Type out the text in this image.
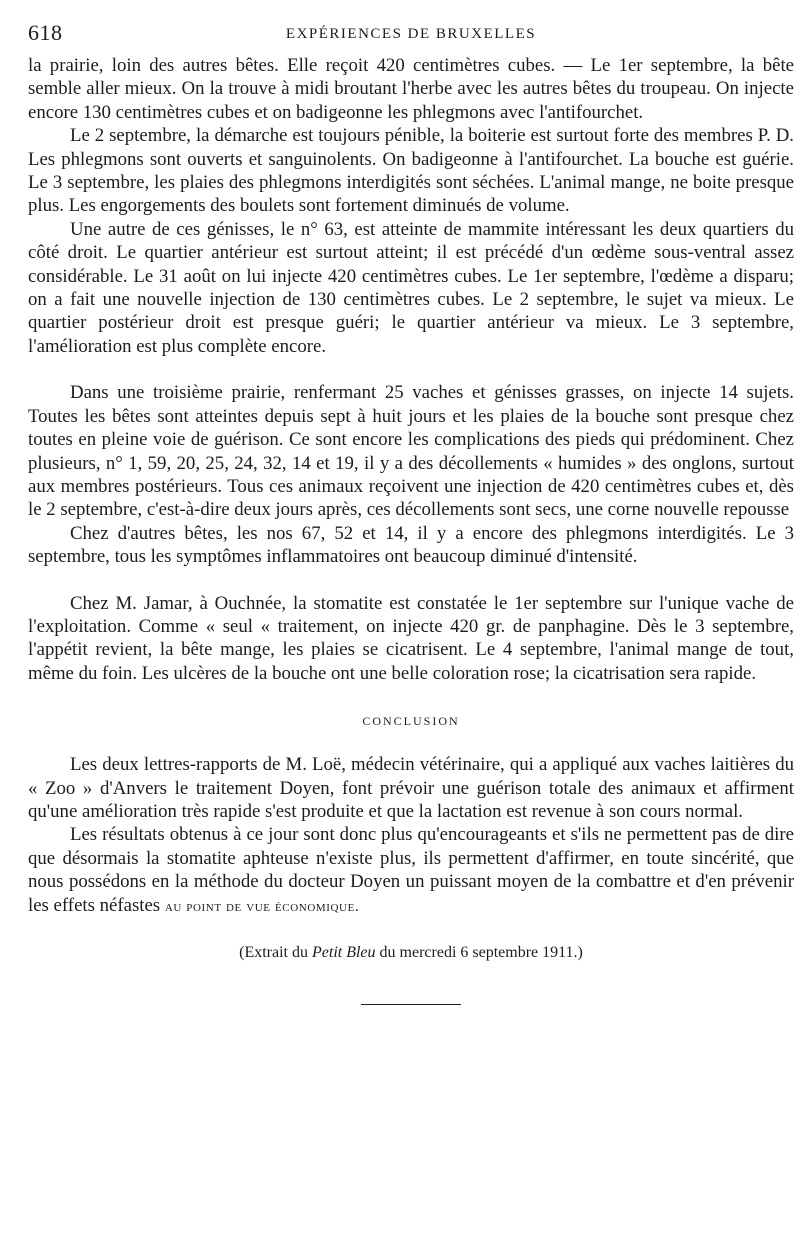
618	EXPÉRIENCES DE BRUXELLES

la prairie, loin des autres bêtes. Elle reçoit 420 centimètres cubes. — Le 1er septembre, la bête semble aller mieux. On la trouve à midi broutant l'herbe avec les autres bêtes du troupeau. On injecte encore 130 centimètres cubes et on badigeonne les phlegmons avec l'antifourchet.

Le 2 septembre, la démarche est toujours pénible, la boiterie est surtout forte des membres P. D. Les phlegmons sont ouverts et sanguinolents. On badigeonne à l'antifourchet. La bouche est guérie. Le 3 septembre, les plaies des phlegmons interdigités sont séchées. L'animal mange, ne boite presque plus. Les engorgements des boulets sont fortement diminués de volume.

Une autre de ces génisses, le n° 63, est atteinte de mammite intéressant les deux quartiers du côté droit. Le quartier antérieur est surtout atteint; il est précédé d'un œdème sous-ventral assez considérable. Le 31 août on lui injecte 420 centimètres cubes. Le 1er septembre, l'œdème a disparu; on a fait une nouvelle injection de 130 centimètres cubes. Le 2 septembre, le sujet va mieux. Le quartier postérieur droit est presque guéri; le quartier antérieur va mieux. Le 3 septembre, l'amélioration est plus complète encore.

Dans une troisième prairie, renfermant 25 vaches et génisses grasses, on injecte 14 sujets. Toutes les bêtes sont atteintes depuis sept à huit jours et les plaies de la bouche sont presque chez toutes en pleine voie de guérison. Ce sont encore les complications des pieds qui prédominent. Chez plusieurs, n° 1, 59, 20, 25, 24, 32, 14 et 19, il y a des décollements « humides » des onglons, surtout aux membres postérieurs. Tous ces animaux reçoivent une injection de 420 centimètres cubes et, dès le 2 septembre, c'est-à-dire deux jours après, ces décollements sont secs, une corne nouvelle repousse

Chez d'autres bêtes, les nos 67, 52 et 14, il y a encore des phlegmons interdigités. Le 3 septembre, tous les symptômes inflammatoires ont beaucoup diminué d'intensité.

Chez M. Jamar, à Ouchnée, la stomatite est constatée le 1er septembre sur l'unique vache de l'exploitation. Comme « seul « traitement, on injecte 420 gr. de panphagine. Dès le 3 septembre, l'appétit revient, la bête mange, les plaies se cicatrisent. Le 4 septembre, l'animal mange de tout, même du foin. Les ulcères de la bouche ont une belle coloration rose; la cicatrisation sera rapide.

CONCLUSION

Les deux lettres-rapports de M. Loë, médecin vétérinaire, qui a appliqué aux vaches laitières du « Zoo » d'Anvers le traitement Doyen, font prévoir une guérison totale des animaux et affirment qu'une amélioration très rapide s'est produite et que la lactation est revenue à son cours normal.

Les résultats obtenus à ce jour sont donc plus qu'encourageants et s'ils ne permettent pas de dire que désormais la stomatite aphteuse n'existe plus, ils permettent d'affirmer, en toute sincérité, que nous possédons en la méthode du docteur Doyen un puissant moyen de la combattre et d'en prévenir les effets néfastes au point de vue économique.

(Extrait du Petit Bleu du mercredi 6 septembre 1911.)
